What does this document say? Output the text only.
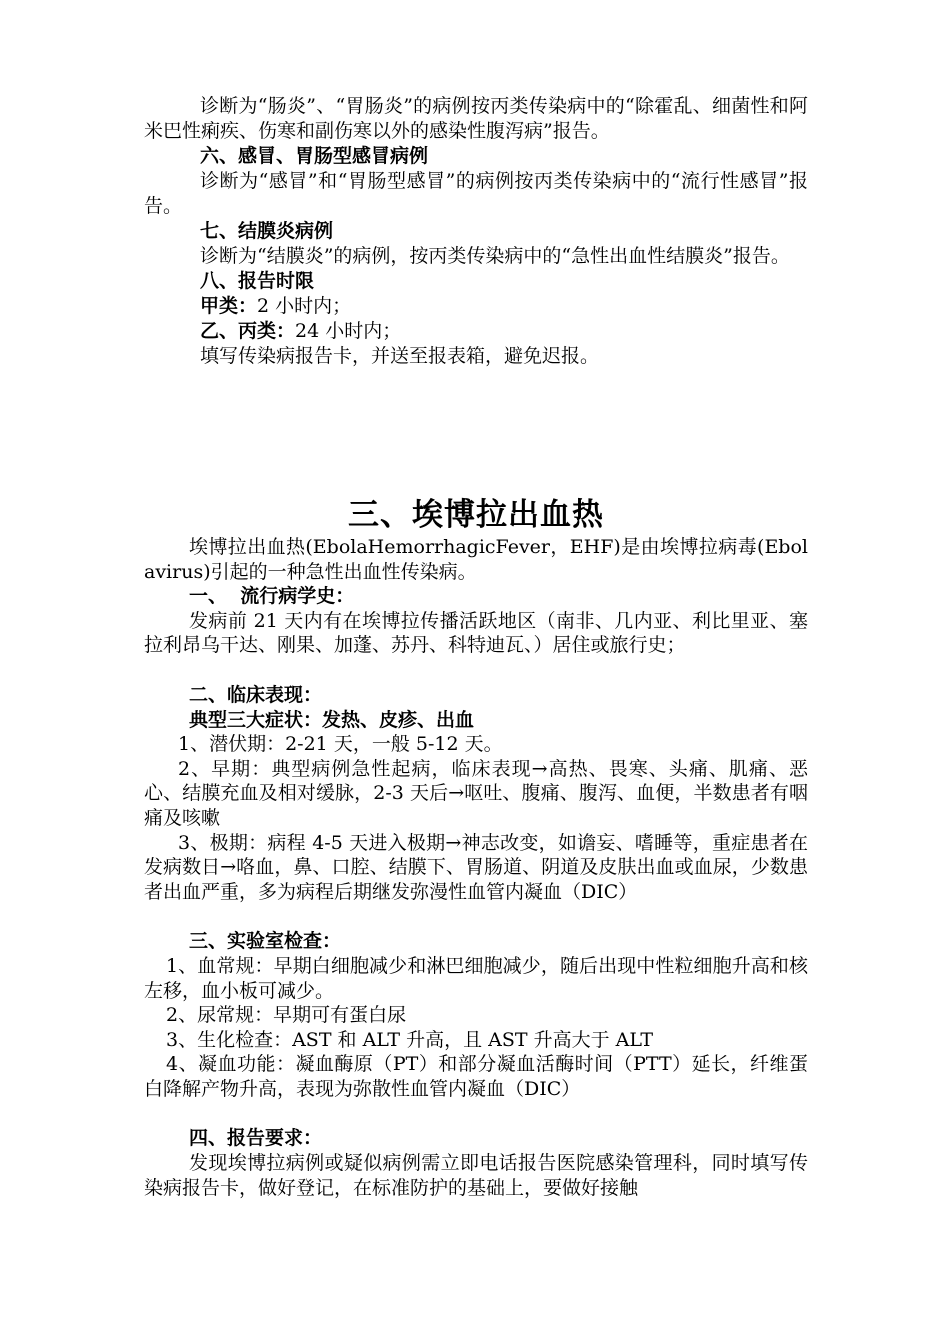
诊断为“肠炎”、“胃肠炎”的病例按丙类传染病中的“除霍乱、细菌性和阿米巴性痢疾、伤寒和副伤寒以外的感染性腹泻病”报告。

六、感冒、胃肠型感冒病例

诊断为“感冒”和“胃肠型感冒”的病例按丙类传染病中的“流行性感冒”报告。

七、结膜炎病例

诊断为“结膜炎”的病例，按丙类传染病中的“急性出血性结膜炎”报告。

八、报告时限

甲类：2 小时内；

乙、丙类：24 小时内；

填写传染病报告卡，并送至报表箱，避免迟报。

三、埃博拉出血热

埃博拉出血热(EbolaHemorrhagicFever，EHF)是由埃博拉病毒(Ebolavirus)引起的一种急性出血性传染病。

一、  流行病学史：

发病前 21 天内有在埃博拉传播活跃地区（南非、几内亚、利比里亚、塞拉利昂乌干达、刚果、加蓬、苏丹、科特迪瓦、）居住或旅行史；

二、临床表现：

典型三大症状：发热、皮疹、出血

1、潜伏期：2-21 天，一般 5-12 天。

2、早期：典型病例急性起病，临床表现→高热、畏寒、头痛、肌痛、恶心、结膜充血及相对缓脉，2-3 天后→呕吐、腹痛、腹泻、血便，半数患者有咽痛及咳嗽

3、极期：病程 4-5 天进入极期→神志改变，如谵妄、嗜睡等，重症患者在发病数日→咯血，鼻、口腔、结膜下、胃肠道、阴道及皮肤出血或血尿，少数患者出血严重，多为病程后期继发弥漫性血管内凝血（DIC）

三、实验室检查：

1、血常规：早期白细胞减少和淋巴细胞减少，随后出现中性粒细胞升高和核左移，血小板可减少。

2、尿常规：早期可有蛋白尿

3、生化检查：AST 和 ALT 升高，且 AST 升高大于 ALT

4、凝血功能：凝血酶原（PT）和部分凝血活酶时间（PTT）延长，纤维蛋白降解产物升高，表现为弥散性血管内凝血（DIC）

四、报告要求：

发现埃博拉病例或疑似病例需立即电话报告医院感染管理科，同时填写传染病报告卡，做好登记，在标准防护的基础上，要做好接触
